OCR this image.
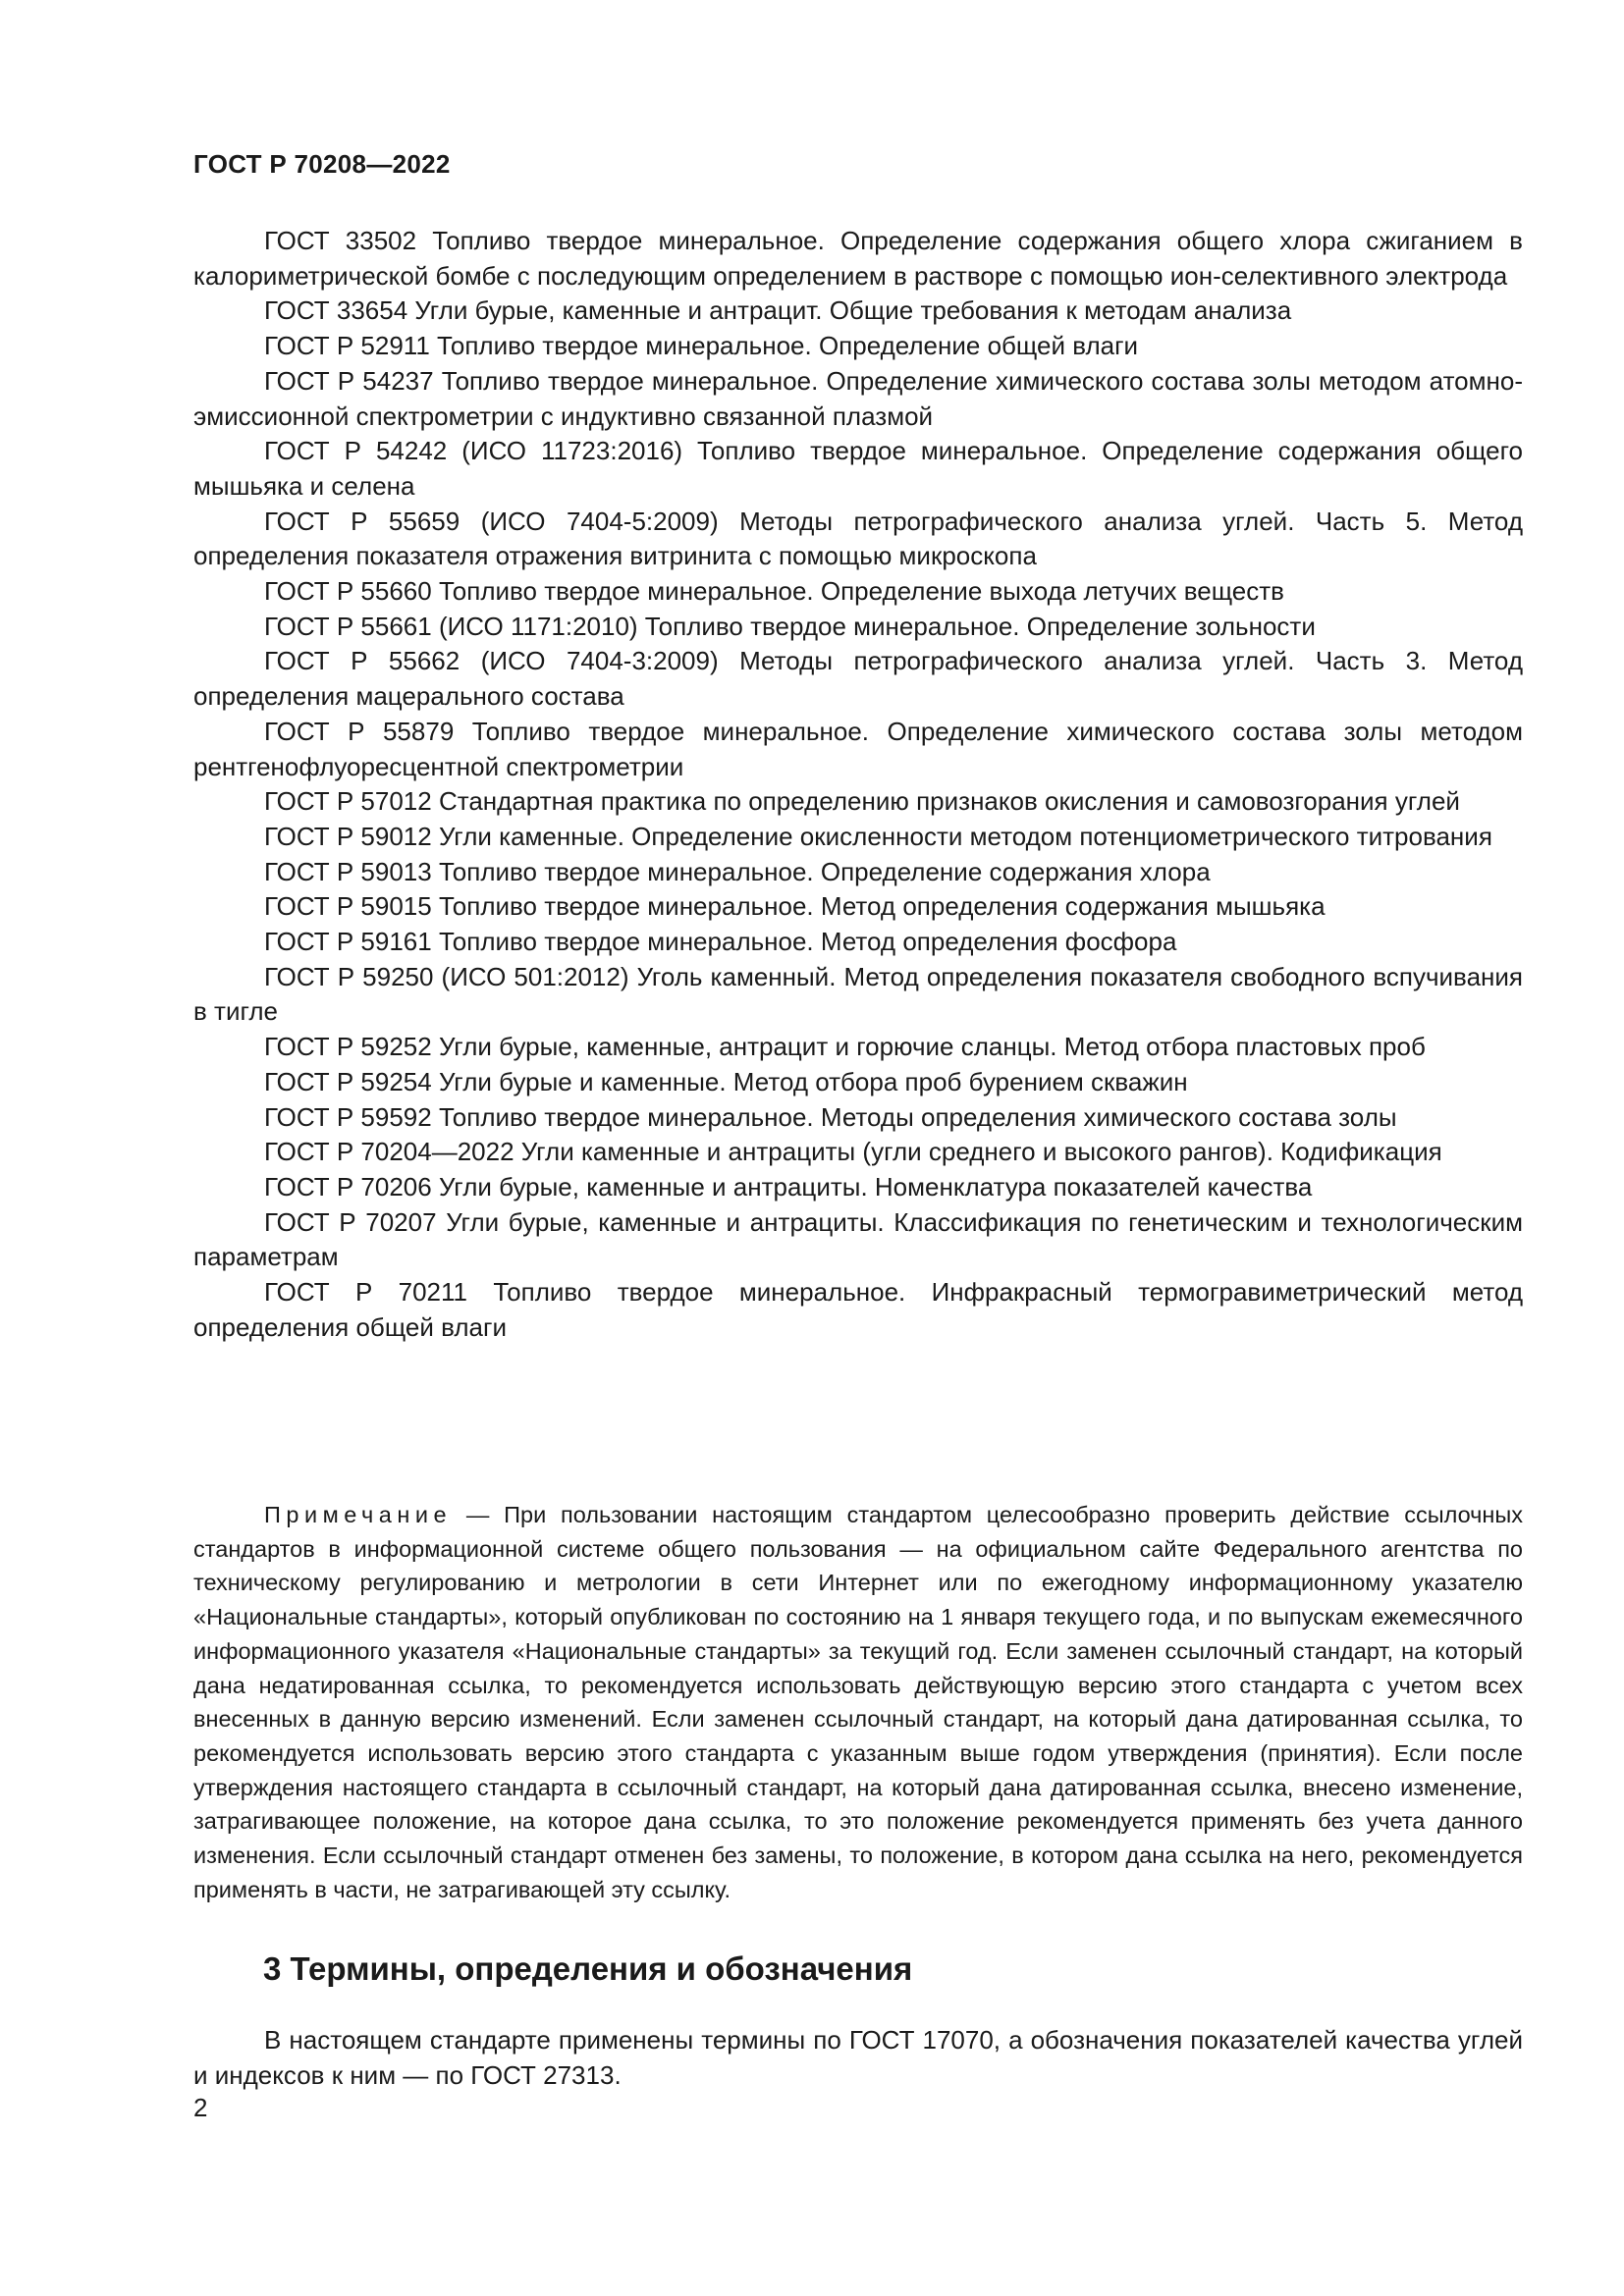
ГОСТ Р 70208—2022

ГОСТ 33502 Топливо твердое минеральное. Определение содержания общего хлора сжиганием в калориметрической бомбе с последующим определением в растворе с помощью ион-селективного электрода

ГОСТ 33654 Угли бурые, каменные и антрацит. Общие требования к методам анализа

ГОСТ Р 52911 Топливо твердое минеральное. Определение общей влаги

ГОСТ Р 54237 Топливо твердое минеральное. Определение химического состава золы методом атомно-эмиссионной спектрометрии с индуктивно связанной плазмой

ГОСТ Р 54242 (ИСО 11723:2016) Топливо твердое минеральное. Определение содержания общего мышьяка и селена

ГОСТ Р 55659 (ИСО 7404-5:2009) Методы петрографического анализа углей. Часть 5. Метод определения показателя отражения витринита с помощью микроскопа

ГОСТ Р 55660 Топливо твердое минеральное. Определение выхода летучих веществ

ГОСТ Р 55661 (ИСО 1171:2010) Топливо твердое минеральное. Определение зольности

ГОСТ Р 55662 (ИСО 7404-3:2009) Методы петрографического анализа углей. Часть 3. Метод определения мацерального состава

ГОСТ Р 55879 Топливо твердое минеральное. Определение химического состава золы методом рентгенофлуоресцентной спектрометрии

ГОСТ Р 57012 Стандартная практика по определению признаков окисления и самовозгорания углей

ГОСТ Р 59012 Угли каменные. Определение окисленности методом потенциометрического титрования

ГОСТ Р 59013 Топливо твердое минеральное. Определение содержания хлора

ГОСТ Р 59015 Топливо твердое минеральное. Метод определения содержания мышьяка

ГОСТ Р 59161 Топливо твердое минеральное. Метод определения фосфора

ГОСТ Р 59250 (ИСО 501:2012) Уголь каменный. Метод определения показателя свободного вспучивания в тигле

ГОСТ Р 59252 Угли бурые, каменные, антрацит и горючие сланцы. Метод отбора пластовых проб

ГОСТ Р 59254 Угли бурые и каменные. Метод отбора проб бурением скважин

ГОСТ Р 59592 Топливо твердое минеральное. Методы определения химического состава золы

ГОСТ Р 70204—2022 Угли каменные и антрациты (угли среднего и высокого рангов). Кодификация

ГОСТ Р 70206 Угли бурые, каменные и антрациты. Номенклатура показателей качества

ГОСТ Р 70207 Угли бурые, каменные и антрациты. Классификация по генетическим и технологическим параметрам

ГОСТ Р 70211 Топливо твердое минеральное. Инфракрасный термогравиметрический метод определения общей влаги

Примечание — При пользовании настоящим стандартом целесообразно проверить действие ссылочных стандартов в информационной системе общего пользования — на официальном сайте Федерального агентства по техническому регулированию и метрологии в сети Интернет или по ежегодному информационному указателю «Национальные стандарты», который опубликован по состоянию на 1 января текущего года, и по выпускам ежемесячного информационного указателя «Национальные стандарты» за текущий год. Если заменен ссылочный стандарт, на который дана недатированная ссылка, то рекомендуется использовать действующую версию этого стандарта с учетом всех внесенных в данную версию изменений. Если заменен ссылочный стандарт, на который дана датированная ссылка, то рекомендуется использовать версию этого стандарта с указанным выше годом утверждения (принятия). Если после утверждения настоящего стандарта в ссылочный стандарт, на который дана датированная ссылка, внесено изменение, затрагивающее положение, на которое дана ссылка, то это положение рекомендуется применять без учета данного изменения. Если ссылочный стандарт отменен без замены, то положение, в котором дана ссылка на него, рекомендуется применять в части, не затрагивающей эту ссылку.

3 Термины, определения и обозначения

В настоящем стандарте применены термины по ГОСТ 17070, а обозначения показателей качества углей и индексов к ним — по ГОСТ 27313.

2
